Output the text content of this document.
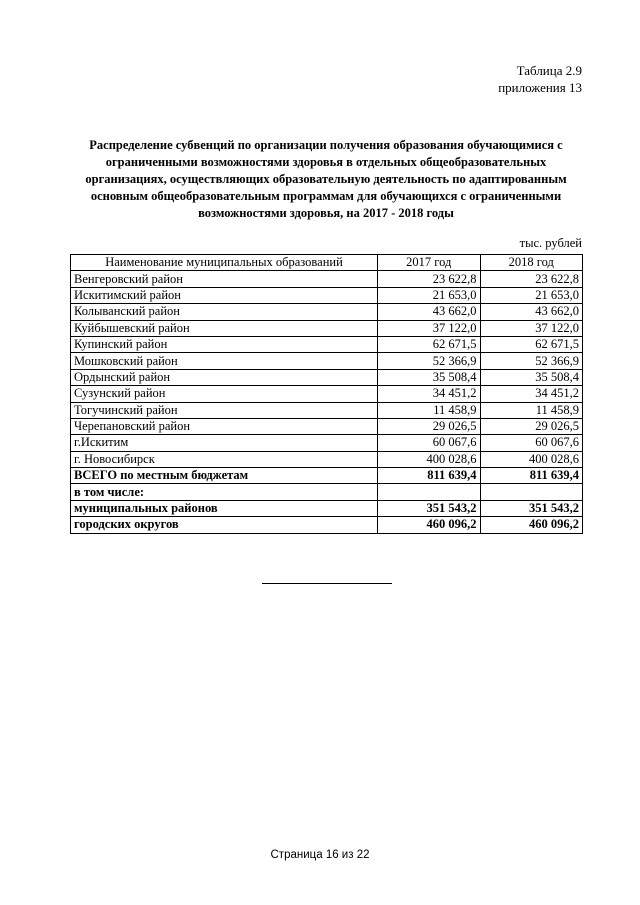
Таблица 2.9
приложения 13
Распределение субвенций по организации получения образования обучающимися с ограниченными возможностями здоровья в отдельных общеобразовательных организациях, осуществляющих образовательную деятельность по адаптированным основным общеобразовательным программам для обучающихся с ограниченными возможностями здоровья, на 2017 - 2018 годы
тыс. рублей
Наименование муниципальных образований	2017 год	2018 год
Венгеровский район	23 622,8	23 622,8
Искитимский район	21 653,0	21 653,0
Колыванский район	43 662,0	43 662,0
Куйбышевский район	37 122,0	37 122,0
Купинский район	62 671,5	62 671,5
Мошковский район	52 366,9	52 366,9
Ордынский район	35 508,4	35 508,4
Сузунский район	34 451,2	34 451,2
Тогучинский район	11 458,9	11 458,9
Черепановский район	29 026,5	29 026,5
г.Искитим	60 067,6	60 067,6
г. Новосибирск	400 028,6	400 028,6
ВСЕГО по местным бюджетам	811 639,4	811 639,4
в том числе:		
муниципальных районов	351 543,2	351 543,2
городских округов	460 096,2	460 096,2
Страница 16 из 22
